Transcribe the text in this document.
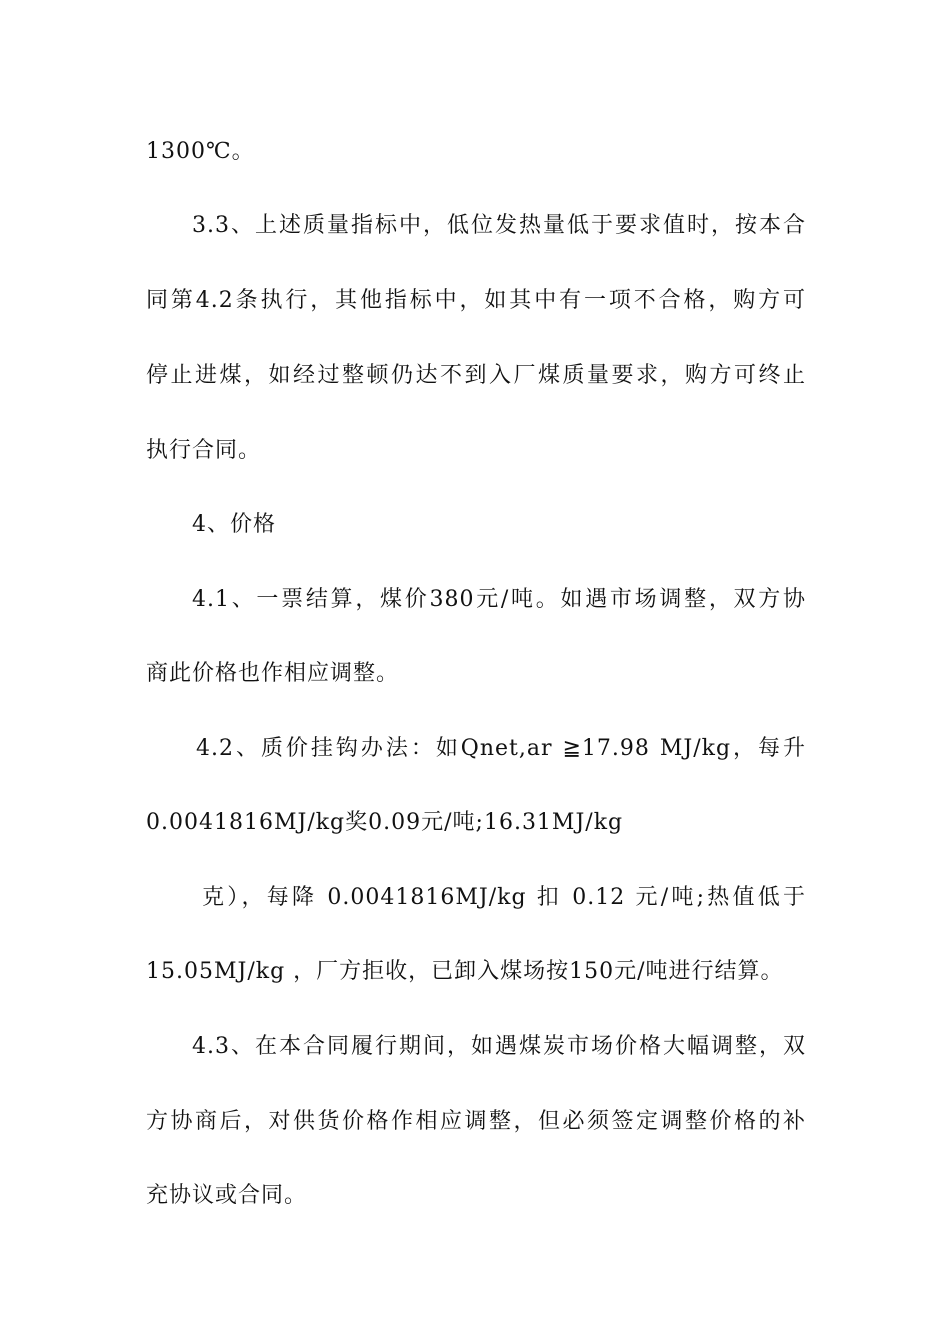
1300℃。
3.3、上述质量指标中，低位发热量低于要求值时，按本合
同第4.2条执行，其他指标中，如其中有一项不合格，购方可
停止进煤，如经过整顿仍达不到入厂煤质量要求，购方可终止
执行合同。
4、价格
4.1、一票结算，煤价380元/吨。如遇市场调整，双方协
商此价格也作相应调整。
4.2、质价挂钩办法：如Qnet,ar ≧17.98 MJ/kg，每升
0.0041816MJ/kg奖0.09元/吨;16.31MJ/kg
克），每降 0.0041816MJ/kg 扣 0.12 元/吨;热值低于
15.05MJ/kg ，厂方拒收，已卸入煤场按150元/吨进行结算。
4.3、在本合同履行期间，如遇煤炭市场价格大幅调整，双
方协商后，对供货价格作相应调整，但必须签定调整价格的补
充协议或合同。
